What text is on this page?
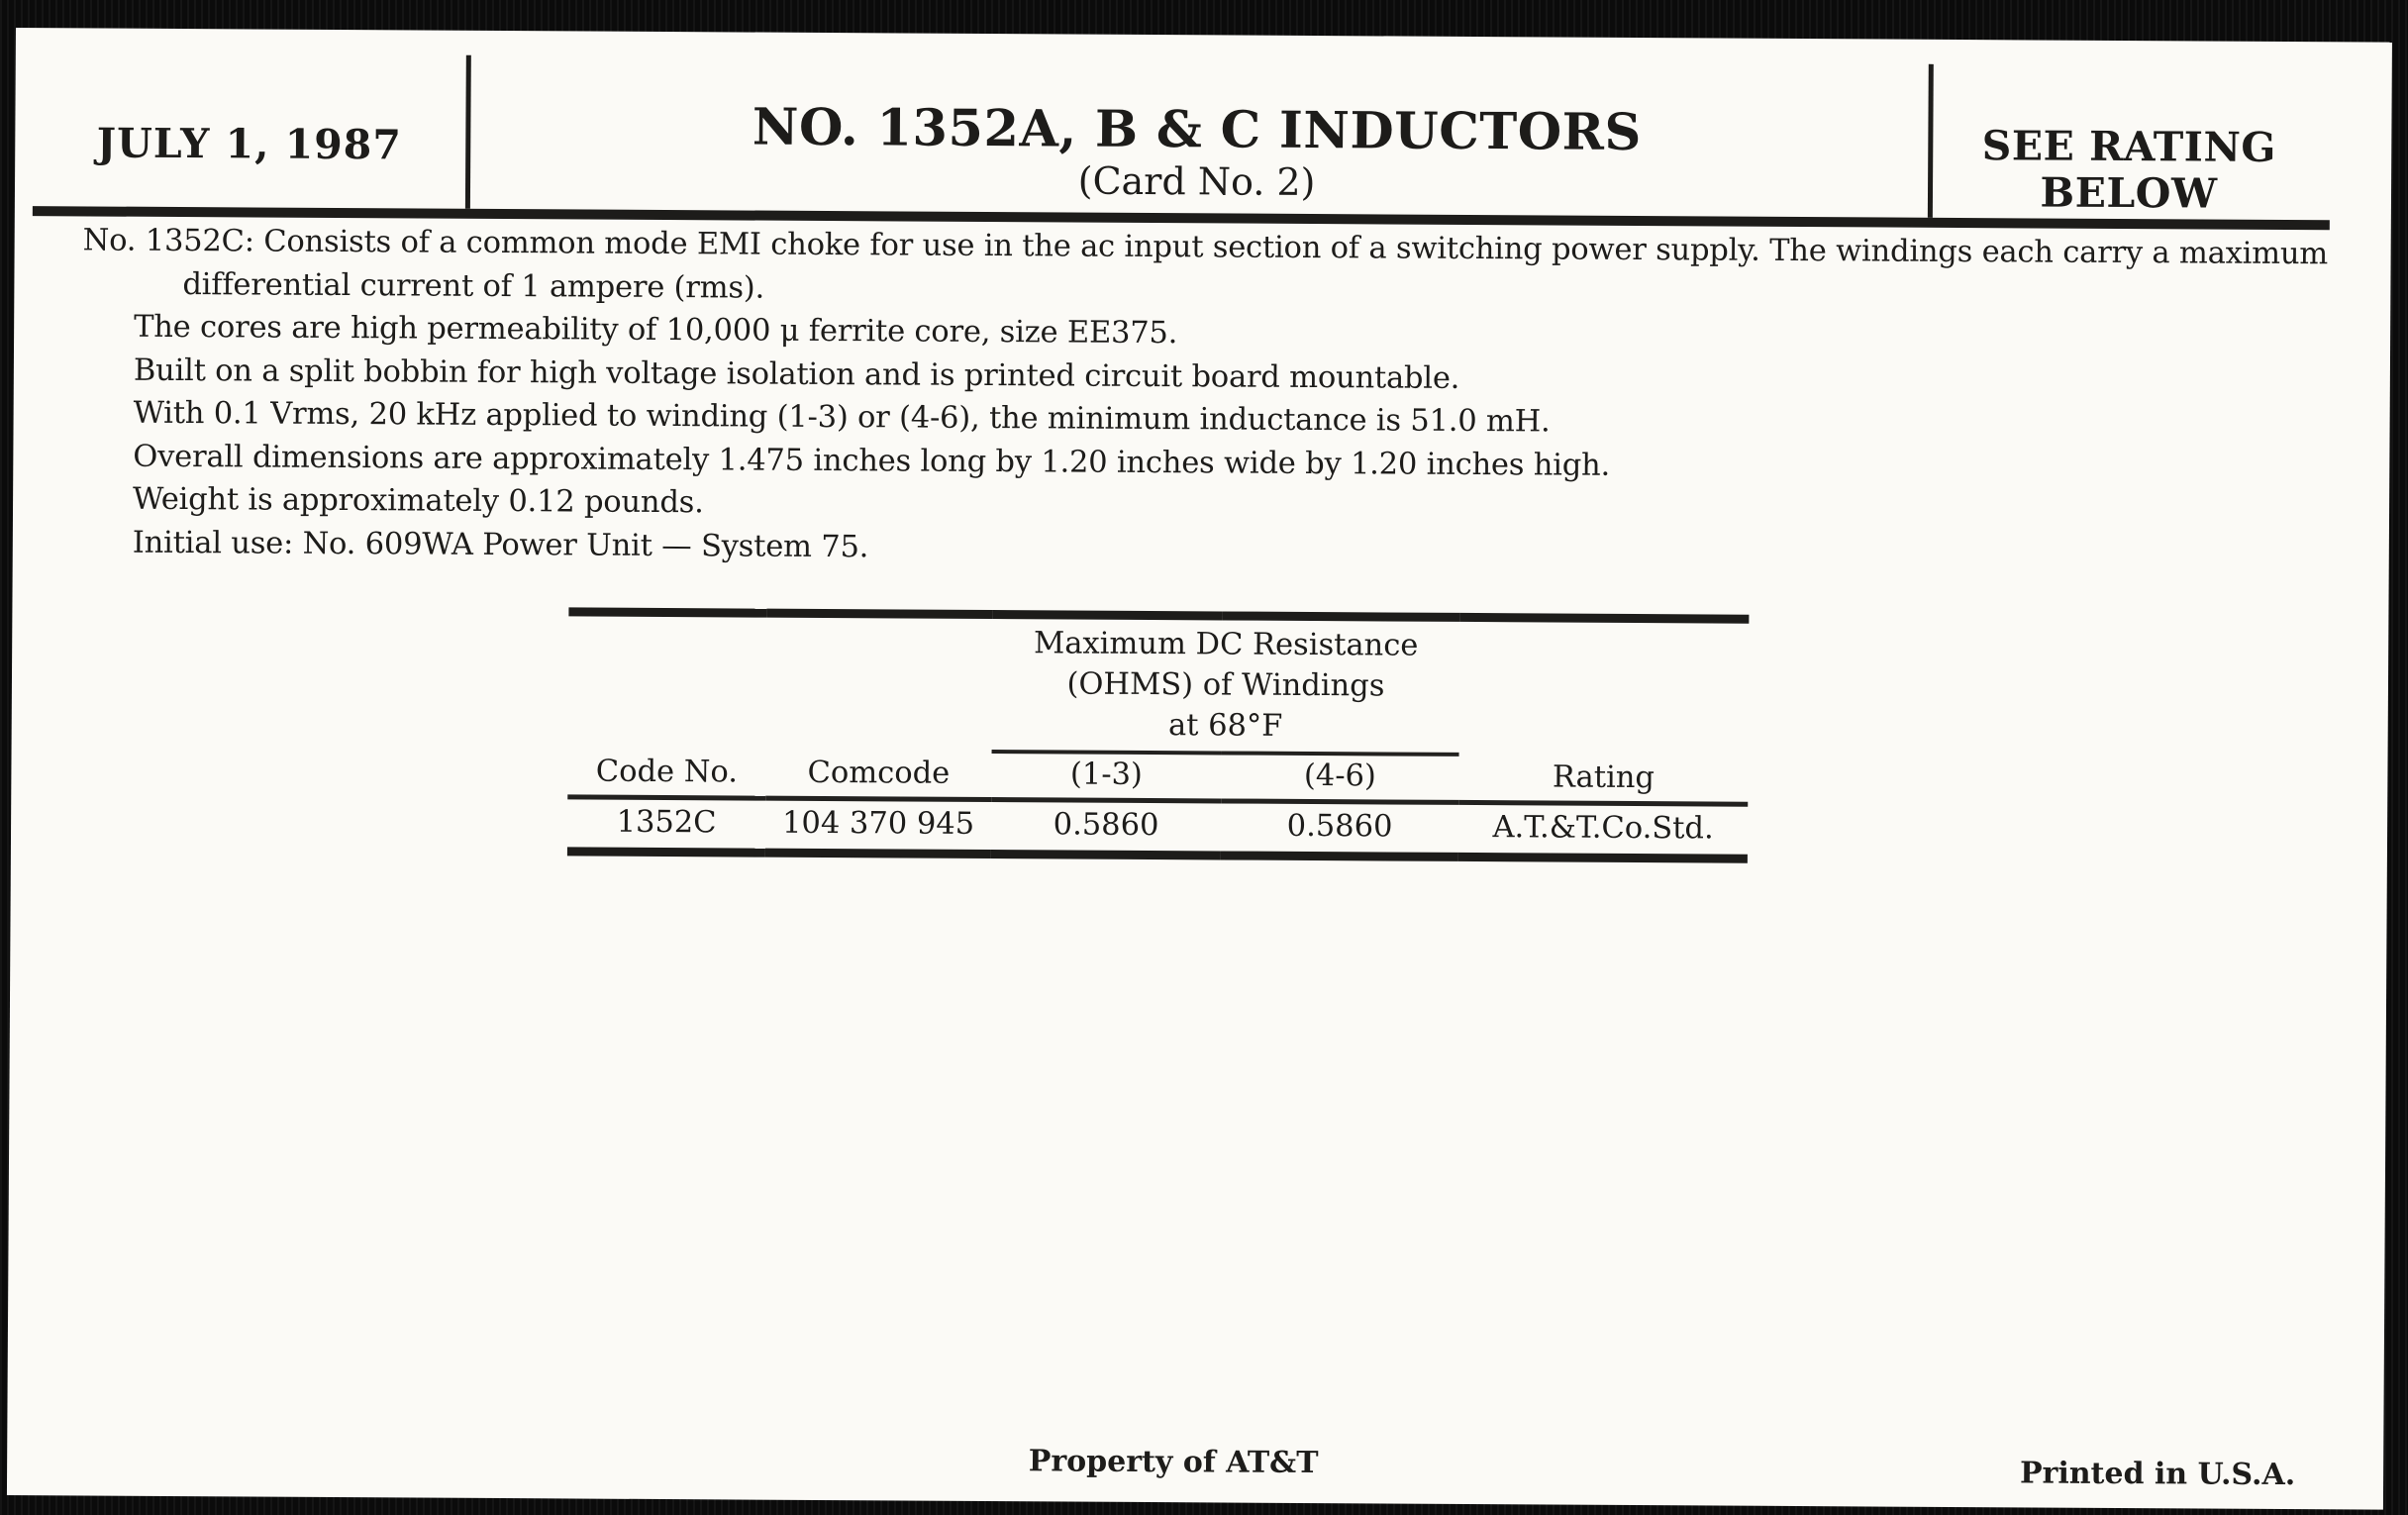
JULY 1, 1987	NO. 1352A, B & C INDUCTORS
(Card No. 2)
SEE RATING
BELOW
No. 1352C: Consists of a common mode EMI choke for use in the ac input section of a switching power supply. The windings each carry a maximum
differential current of 1 ampere (rms).
The cores are high permeability of 10,000 μ ferrite core, size EE375.
Built on a split bobbin for high voltage isolation and is printed circuit board mountable.
With 0.1 Vrms, 20 kHz applied to winding (1-3) or (4-6), the minimum inductance is 51.0 mH.
Overall dimensions are approximately 1.475 inches long by 1.20 inches wide by 1.20 inches high.
Weight is approximately 0.12 pounds.
Initial use: No. 609WA Power Unit — System 75.

		Maximum DC Resistance
(OHMS) of Windings
at 68°F		

Code No.	Comcode	(1-3)	(4-6)	Rating
1352C	104 370 945	0.5860	0.5860	A.T.&T.Co.Std.
Property of AT&T	Printed in U.S.A.
